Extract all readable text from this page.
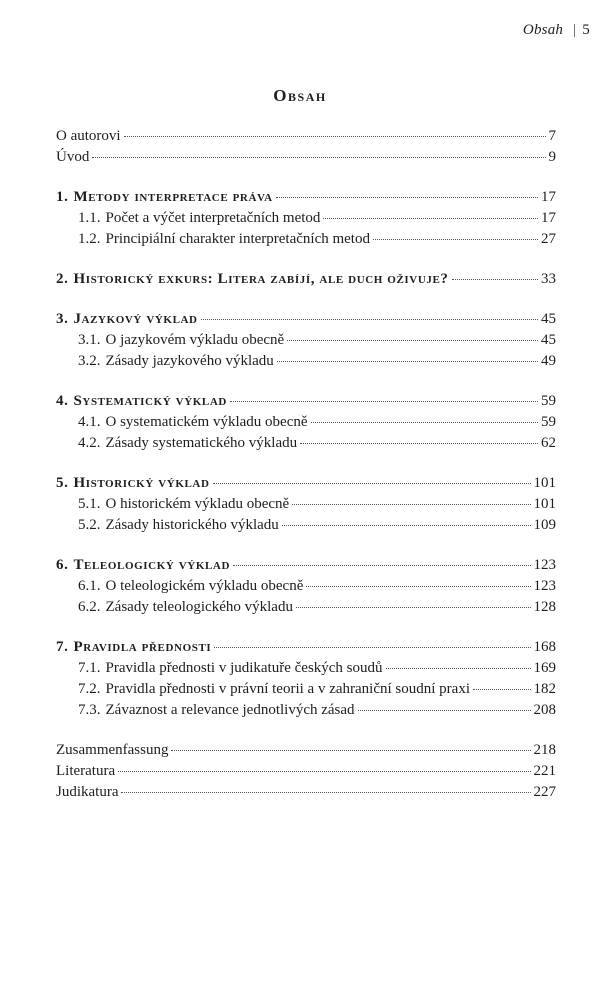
Obsah | 5
Obsah
O autorovi	7
Úvod	9
1. Metody interpretace práva	17
1.1. Počet a výčet interpretačních metod	17
1.2. Principiální charakter interpretačních metod	27
2. Historický exkurs: Litera zabíjí, ale duch oživuje?	33
3. Jazykový výklad	45
3.1. O jazykovém výkladu obecně	45
3.2. Zásady jazykového výkladu	49
4. Systematický výklad	59
4.1. O systematickém výkladu obecně	59
4.2. Zásady systematického výkladu	62
5. Historický výklad	101
5.1. O historickém výkladu obecně	101
5.2. Zásady historického výkladu	109
6. Teleologický výklad	123
6.1. O teleologickém výkladu obecně	123
6.2. Zásady teleologického výkladu	128
7. Pravidla přednosti	168
7.1. Pravidla přednosti v judikatuře českých soudů	169
7.2. Pravidla přednosti v právní teorii a v zahraniční soudní praxi	182
7.3. Závaznost a relevance jednotlivých zásad	208
Zusammenfassung	218
Literatura	221
Judikatura	227
